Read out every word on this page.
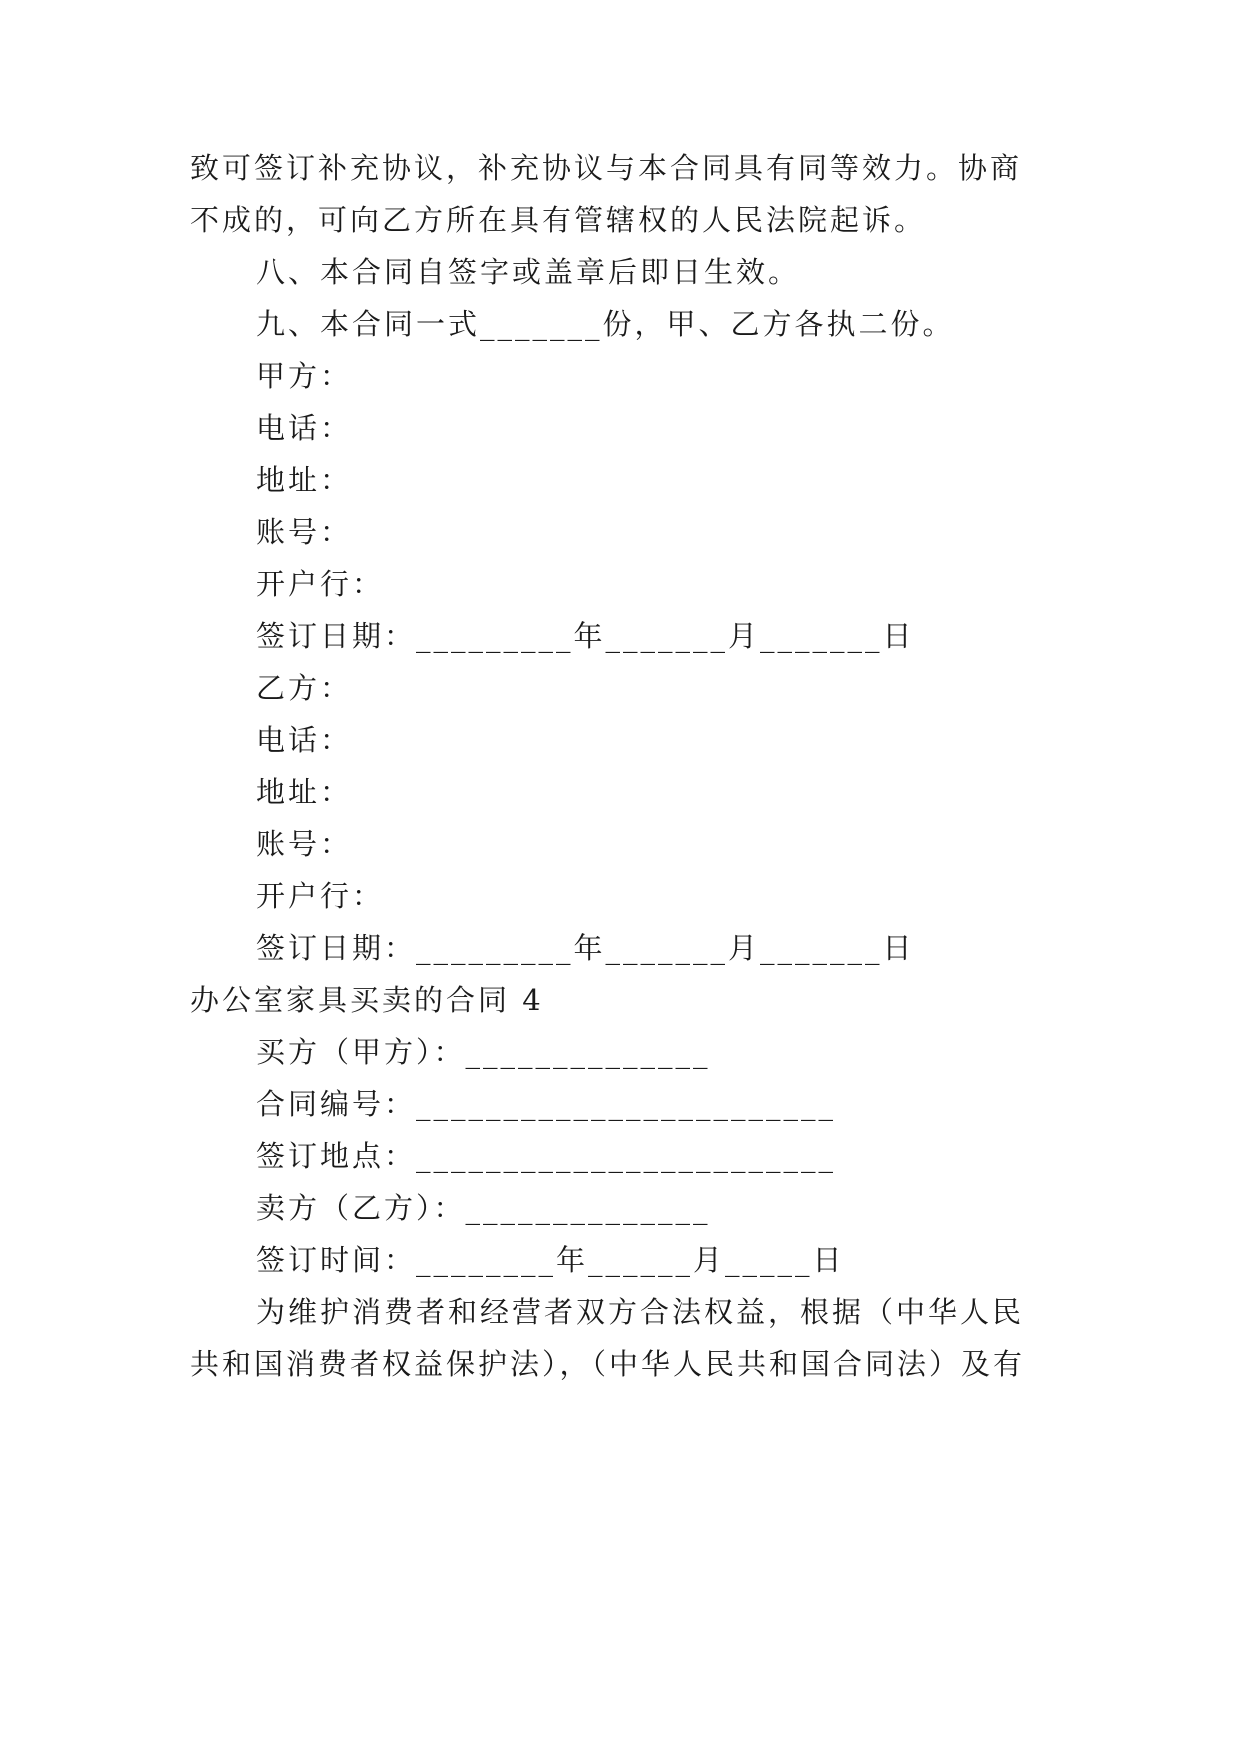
致可签订补充协议，补充协议与本合同具有同等效力。协商
不成的，可向乙方所在具有管辖权的人民法院起诉。
八、本合同自签字或盖章后即日生效。
九、本合同一式_______份，甲、乙方各执二份。
甲方：
电话：
地址：
账号：
开户行：
签订日期：_________年_______月_______日
乙方：
电话：
地址：
账号：
开户行：
签订日期：_________年_______月_______日
办公室家具买卖的合同 4
买方（甲方）：______________
合同编号：________________________
签订地点：________________________
卖方（乙方）：______________
签订时间：________年______月_____日
为维护消费者和经营者双方合法权益，根据（中华人民
共和国消费者权益保护法），（中华人民共和国合同法）及有
